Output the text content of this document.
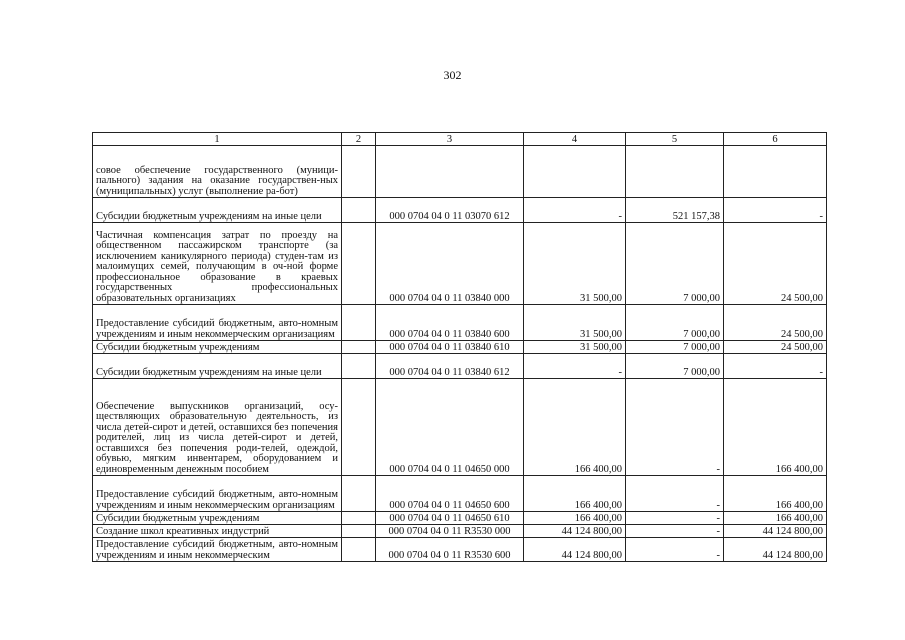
302
1	2	3	4	5	6
совое обеспечение государственного (муници-пального) задания на оказание государствен-ных (муниципальных) услуг (выполнение ра-бот)					
Субсидии бюджетным учреждениям на иные цели		000 0704 04 0 11 03070 612	-	521 157,38	-
Частичная компенсация затрат по проезду на общественном пассажирском транспорте (за исключением каникулярного периода) студен-там из малоимущих семей, получающим в оч-ной форме профессиональное образование в краевых государственных профессиональных образовательных организациях		000 0704 04 0 11 03840 000	31 500,00	7 000,00	24 500,00
Предоставление субсидий бюджетным, авто-номным учреждениям и иным некоммерческим организациям		000 0704 04 0 11 03840 600	31 500,00	7 000,00	24 500,00
Субсидии бюджетным учреждениям		000 0704 04 0 11 03840 610	31 500,00	7 000,00	24 500,00
Субсидии бюджетным учреждениям на иные цели		000 0704 04 0 11 03840 612	-	7 000,00	-
Обеспечение выпускников организаций, осу-ществляющих образовательную деятельность, из числа детей-сирот и детей, оставшихся без попечения родителей, лиц из числа детей-сирот и детей, оставшихся без попечения роди-телей, одеждой, обувью, мягким инвентарем, оборудованием и единовременным денежным пособием		000 0704 04 0 11 04650 000	166 400,00	-	166 400,00
Предоставление субсидий бюджетным, авто-номным учреждениям и иным некоммерческим организациям		000 0704 04 0 11 04650 600	166 400,00	-	166 400,00
Субсидии бюджетным учреждениям		000 0704 04 0 11 04650 610	166 400,00	-	166 400,00
Создание школ креативных индустрий		000 0704 04 0 11 R3530 000	44 124 800,00	-	44 124 800,00
Предоставление субсидий бюджетным, авто-номным учреждениям и иным некоммерческим		000 0704 04 0 11 R3530 600	44 124 800,00	-	44 124 800,00
